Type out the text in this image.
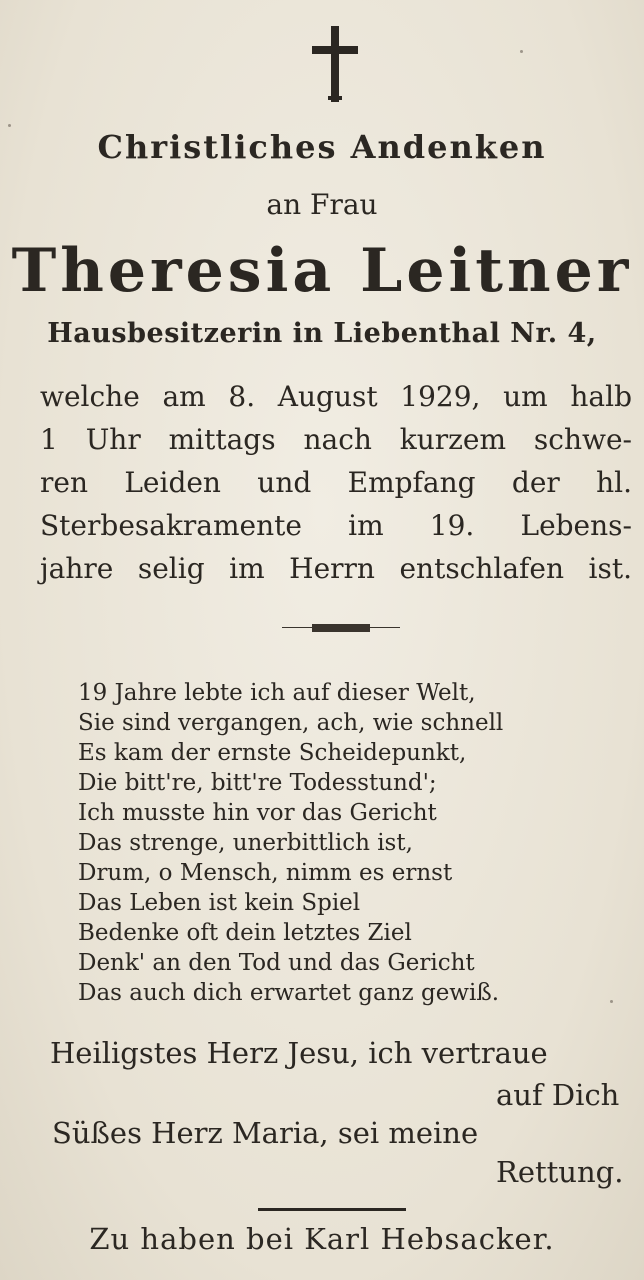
Christliches Andenken
an Frau
Theresia Leitner
Hausbesitzerin in Liebenthal Nr. 4,
welche am 8. August 1929, um halb
1 Uhr mittags nach kurzem schwe-
ren Leiden und Empfang der hl.
Sterbesakramente im 19. Lebens-
jahre selig im Herrn entschlafen ist.
19 Jahre lebte ich auf dieser Welt,
Sie sind vergangen, ach, wie schnell
Es kam der ernste Scheidepunkt,
Die bitt're, bitt're Todesstund';
Ich musste hin vor das Gericht
Das strenge, unerbittlich ist,
Drum, o Mensch, nimm es ernst
Das Leben ist kein Spiel
Bedenke oft dein letztes Ziel
Denk' an den Tod und das Gericht
Das auch dich erwartet ganz gewiß.
Heiligstes Herz Jesu, ich vertraue
auf Dich
Süßes Herz Maria, sei meine
Rettung.
Zu haben bei Karl Hebsacker.
